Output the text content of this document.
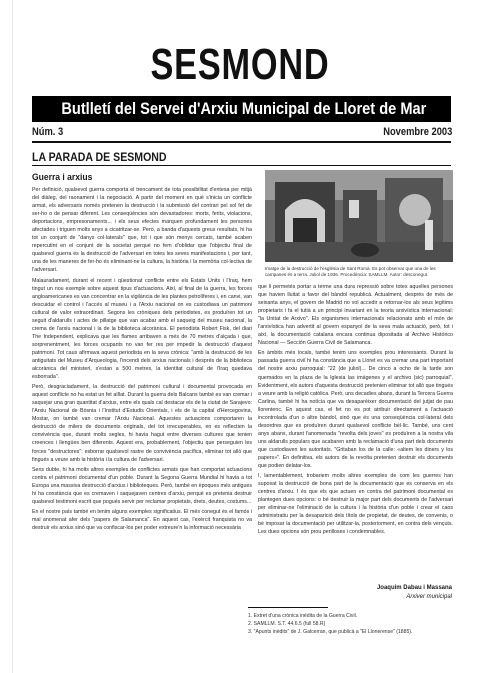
SESMOND
Butlletí del Servei d'Arxiu Municipal de Lloret de Mar
Núm. 3	Novembre 2003
LA PARADA DE SESMOND
Guerra i arxius

Per definició, qualsevol guerra comporta el trencament de tota possibilitat d'entesa per mitjà del diàleg, del raonament i la negociació. A partir del moment en què s'inicia un conflicte armat, els adversaris només pretenen la destrucció i la submissió del contrari pel sol fet de ser-ho o de pensar diferent. Les conseqüències són devastadores: morts, ferits, violacions, deportacions, empresonaments... i els seus efectes marquen profundament les persones afectades i triguen molts anys a cicatritzar-se. Però, a banda d'aquests greus resultats, hi ha tot un conjunt de "danys col·laterals" que, tot i que són menys cercats, també acaben repercutint en el conjunt de la societat perquè no fem d'oblidar que l'objectiu final de qualsevol guerra és la destrucció de l'adversari en totes les seves manifestacions i, per tant, una de les maneres de fer-ho és eliminant-ne la cultura, la història i la memòria col·lectiva de l'adversari.

Malauradament, durant el recent i qüestionat conflicte entre els Estats Units i l'Iraq, hem tingut un nou exemple sobre aquest tipus d'actuacions. Així, al final de la guerra, les forces angloamericanes es van concentrar en la vigilància de les plantes petrolíferes i, en canvi, van descuidar el control i l'accés al museu i a l'Arxiu nacional on es custodiava un patrimoni cultural de valor extraordinari. Segons les cròniques dels periodistes, es produïren tot un seguit d'aldarulls i actes de pillatge que van acabar amb el saqueig del museu nacional, la crema de l'arxiu nacional i la de la biblioteca alcorànica. El periodista Robert Fisk, del diari The Independent, explicava que les flames arribaven a més de 70 metres d'alçada i que, sorprenentment, les forces ocupants no van fer res per impedir la destrucció d'aquest patrimoni. Tot caus afirmava aquest periodista en la seva crònica: "amb la destrucció de les antiguitats del Museu d'Arqueologia, l'incendi dels arxius nacionals i després de la biblioteca alcorànica del ministeri, s'estan a 500 metres, la identitat cultural de l'Iraq quedava esborrada".

Però, desgraciadament, la destrucció del patrimoni cultural i documental provocada en aquest conflicte no ha estat un fet aïllat. Durant la guerra dels Balcans també es van cremar i saquejar una gran quantitat d'arxius, entre els quals cal destacar els de la ciutat de Sarajevo: l'Arxiu Nacional de Bòsnia i l'Institut d'Estudis Orientals, i els de la capital d'Hercegovina, Mostar, on també van cremar l'Arxiu Nacional. Aquestes actuacions comportaren la destrucció de milers de documents originals, del tot irrecuperables, en es reflectien la convivència que, durant molts segles, hi havia hagut entre diverses cultures que tenien creences i llengües ben diferents. Aquest era, probablement, l'objectiu que perseguien les forces "destructores": esborrar qualsevol rastre de convivència pacífica, eliminar tot allò que fingués a veure amb la història i la cultura de l'adversari.

Sens dubte, hi ha molts altres exemples de conflictes armats que han comportat actuacions contra el patrimoni documental d'un poble. Durant la Segona Guerra Mundial hi havia a tot Europa una massiva destrucció d'arxius i biblioteques. Però, també en èpoques més antigues hi ha constància que es cremaven i saquejaven centres d'arxiu, perquè es pretenia destruir qualsevol testimoni escrit que pogués servir per reclamar propietats, drets, deutes, costums...

En el nostre país també en tenim alguns exemples significatius. El més conegut és el famós i mal anomenat afer dels "papers de Salamanca". En aquest cas, l'exèrcit franquista no va destruir els arxius sinó que va confiscar-los per poder extreure'n la informació necessària

Imatge de la destrucció de l'església de Sant Romà. Es pot observar que una de les campanes és a terra. Juliol de 1936. Procedència: SAMLLM. Autor: desconegut.

que li permetés portar a terme una dura repressió sobre totes aquelles persones que havien lluitat a favor del bàndol republicà. Actualment, després de més de seixanta anys, el govern de Madrid no vol accedir a retornar-los als seus legítims propietaris i fa el tutià a un principi invariant en la teoria arxivística internacional: "la Unitat de Arxivo". Els organismes internacionals relacionats amb el món de l'arxivística han advertit al govern espanyol de la seva mala actuació, però, tot i així, la documentació catalana encara continua dipositada al Archivo Histórico Nacional — Sección Guerra Civil de Salamanca.

En àmbits més locals, també tenim uns exemples prou interessants. Durant la passada guerra civil hi ha constància que a Lloret es va cremar una part important del nostre arxiu parroquial: "22 (de juliol)... De cinco a ocho de la tarde son quemados en la plaza de la Iglesia las imágenes y el archivo (sic) parroquial". Evidentment, els autors d'aquesta destrucció pretenien eliminar tot allò que tingués a veure amb la religió catòlica. Però, uns decadies abans, durant la Tercera Guerra Carlina, també hi ha notícia que va desaparèixer documentació del jutjat de pau llorentenc. En aquest cas, el fet no es pot atribuir directament a l'actuació incontrolada d'un o altre bàndol, sinó que és una conseqüència col·lateral dels desordres que es produïren durant qualsevol conflicte bèl·lic. També, uns cent anys abans, durant l'anomenada "revolta dels joves" es produïren a la nostra vila uns aldarulls populars que acabaren amb la reclamació d'una part dels documents que custodiaven les autoritats. "Gritaban los de la calle: «altem les diners y los papers»". En definitiva, els autors de la revolta pretenien destruir els documents que podien delatar-los.

I, lamentablement, trobariem molts altres exemples de com les guerres han suposat la destrucció de bona part de la documentació que es conserva en els centres d'arxiu. I és que els que actuen en contra del patrimoni documental es plantegen dues opcions: o bé destruir la major part dels documents de l'adversari per eliminar-ne l'eliminació de la cultura i la història d'un poble i crear el caos administratiu per la desaparició dels títols de propietat, de deutes, de convenis, o bé imposar la documentació per utilitzar-la, posteriorment, en contra dels vençuts. Les dues opcions són prou perilloses i condemnables.

Joaquim Dabau i Massana
Arxiver municipal
1. Extret d'una crònica inèdita de la Guerra Civil.
2. SAMLLM. S.T. 44.6.5 (full 58.R)
3. "Apunts inèdits" de J. Galcerran, que publicà a "El Llonerense" (1885).
